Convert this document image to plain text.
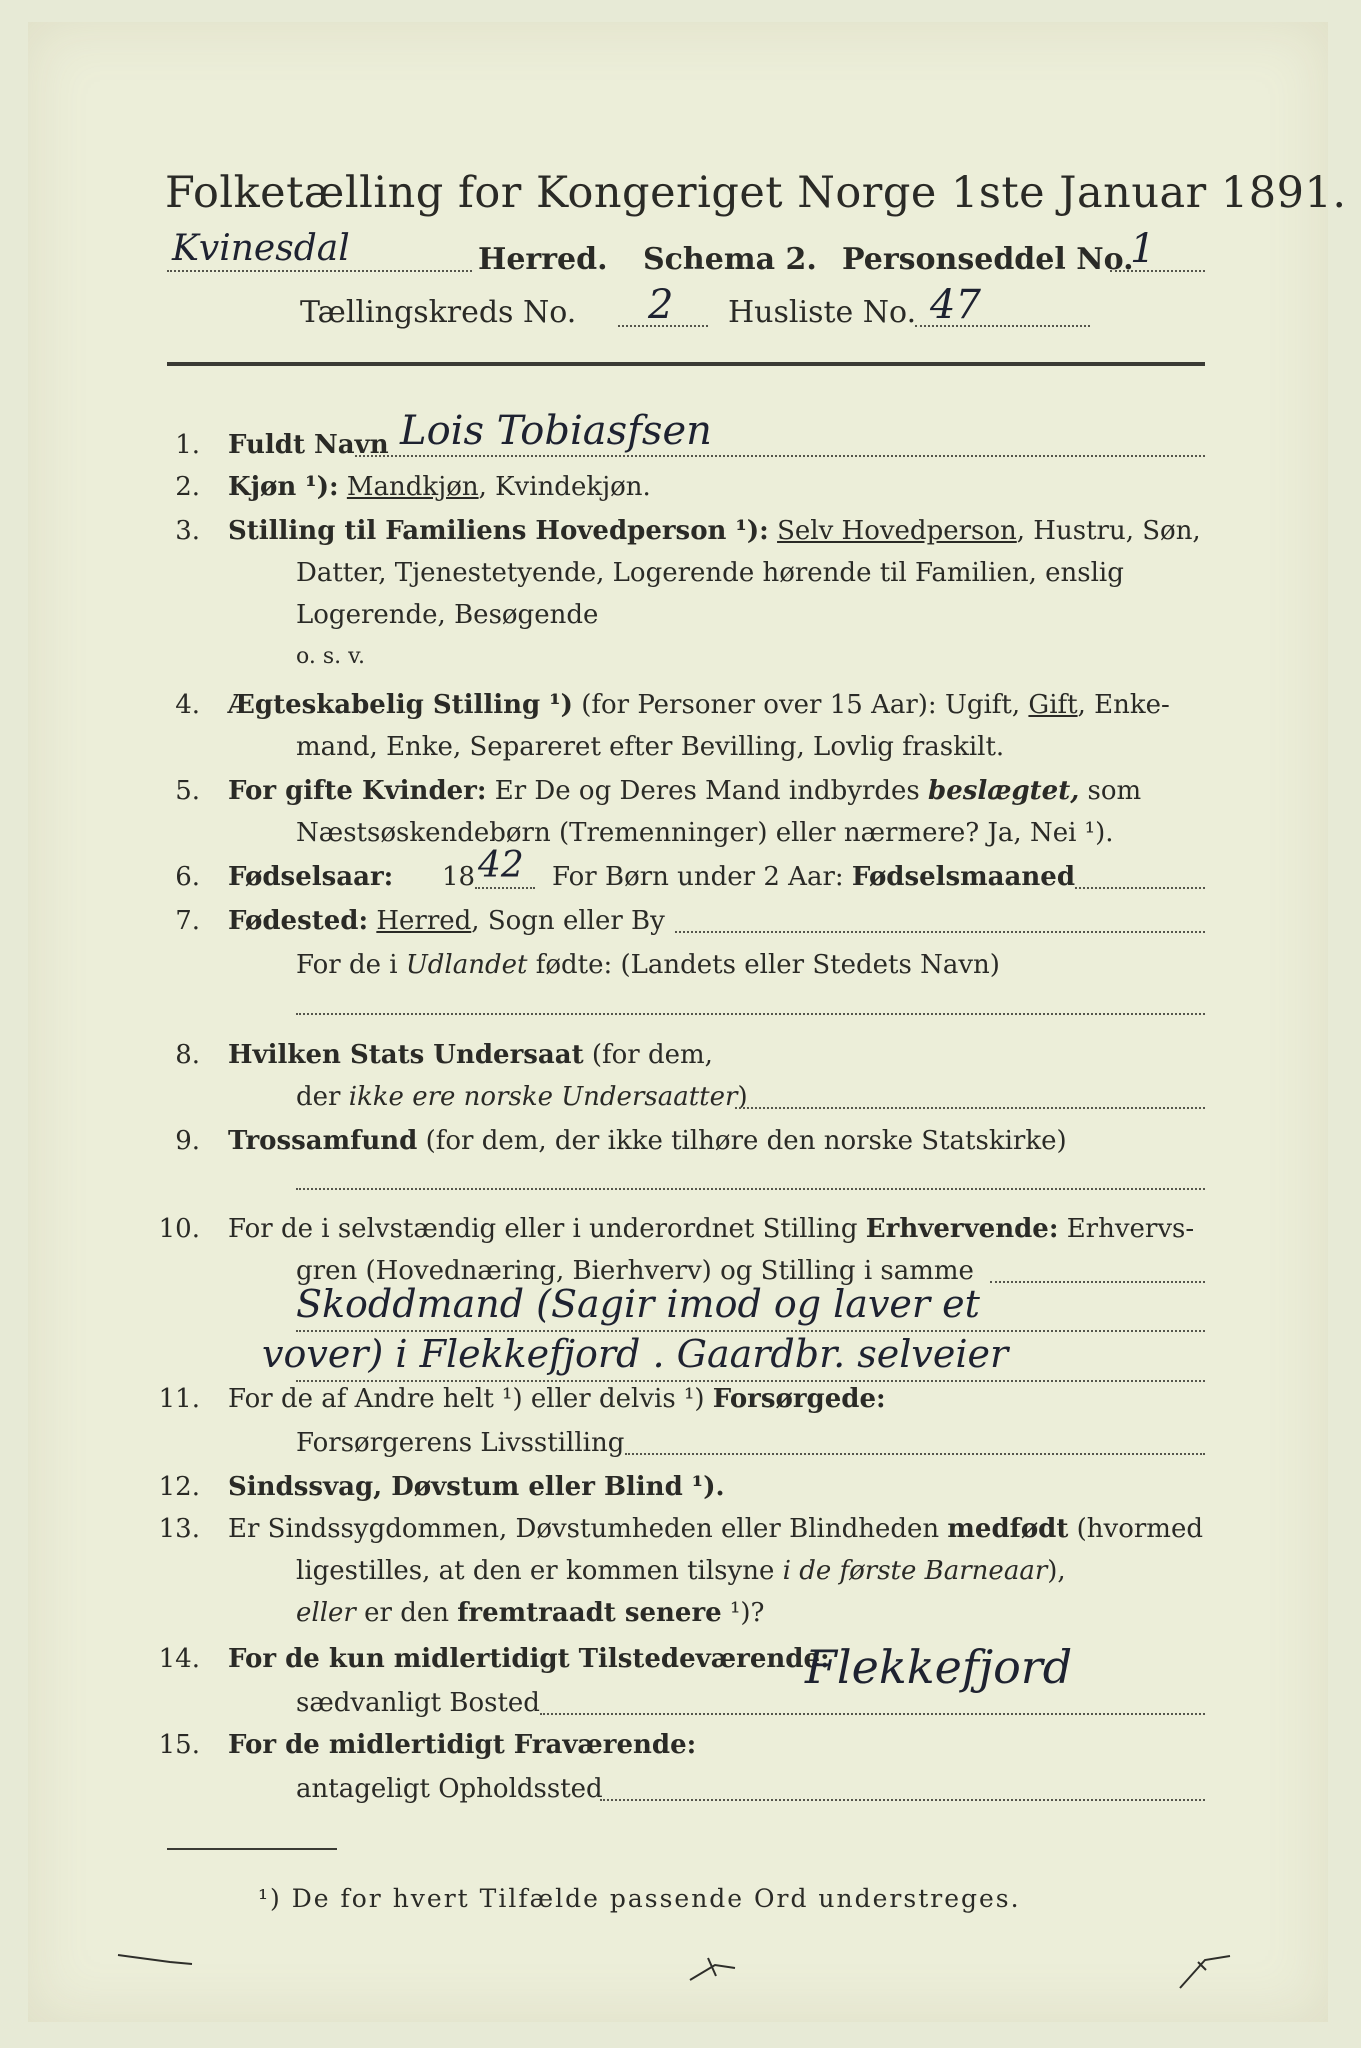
Folketælling for Kongeriget Norge 1ste Januar 1891.
Kvinesdal	Herred. Schema 2. Personseddel No.
1
Tællingskreds No. 2 Husliste No. 47
1. Fuldt Navn Lois Tobiasfsen
2. Kjøn ¹): Mandkjøn, Kvindekjøn.
3. Stilling til Familiens Hovedperson ¹): Selv Hovedperson, Hustru, Søn,
Datter, Tjenestetyende, Logerende hørende til Familien, enslig
Logerende, Besøgende
o. s. v.
4. Ægteskabelig Stilling ¹) (for Personer over 15 Aar): Ugift, Gift, Enke-
mand, Enke, Separeret efter Bevilling, Lovlig fraskilt.
5. For gifte Kvinder: Er De og Deres Mand indbyrdes beslægtet, som
Næstsøskendebørn (Tremenninger) eller nærmere? Ja, Nei ¹).
6. Fødselsaar: 18 42 For Børn under 2 Aar: Fødselsmaaned
7. Fødested: Herred, Sogn eller By
For de i Udlandet fødte: (Landets eller Stedets Navn)
8. Hvilken Stats Undersaat (for dem,
der ikke ere norske Undersaatter)
9. Trossamfund (for dem, der ikke tilhøre den norske Statskirke)
10. For de i selvstændig eller i underordnet Stilling Erhvervende: Erhvervs-
gren (Hovednæring, Bierhverv) og Stilling i samme
Skoddmand (Sagir imod og laver et
vover) i Flekkefjord . Gaardbr. selveier
11. For de af Andre helt ¹) eller delvis ¹) Forsørgede:
Forsørgerens Livsstilling
12. Sindssvag, Døvstum eller Blind ¹).
13. Er Sindssygdommen, Døvstumheden eller Blindheden medfødt (hvormed
ligestilles, at den er kommen tilsyne i de første Barneaar),
eller er den fremtraadt senere ¹)?
14. For de kun midlertidigt Tilstedeværende:
sædvanligt Bosted
Flekkefjord
15. For de midlertidigt Fraværende:
antageligt Opholdssted
¹) De for hvert Tilfælde passende Ord understreges.
